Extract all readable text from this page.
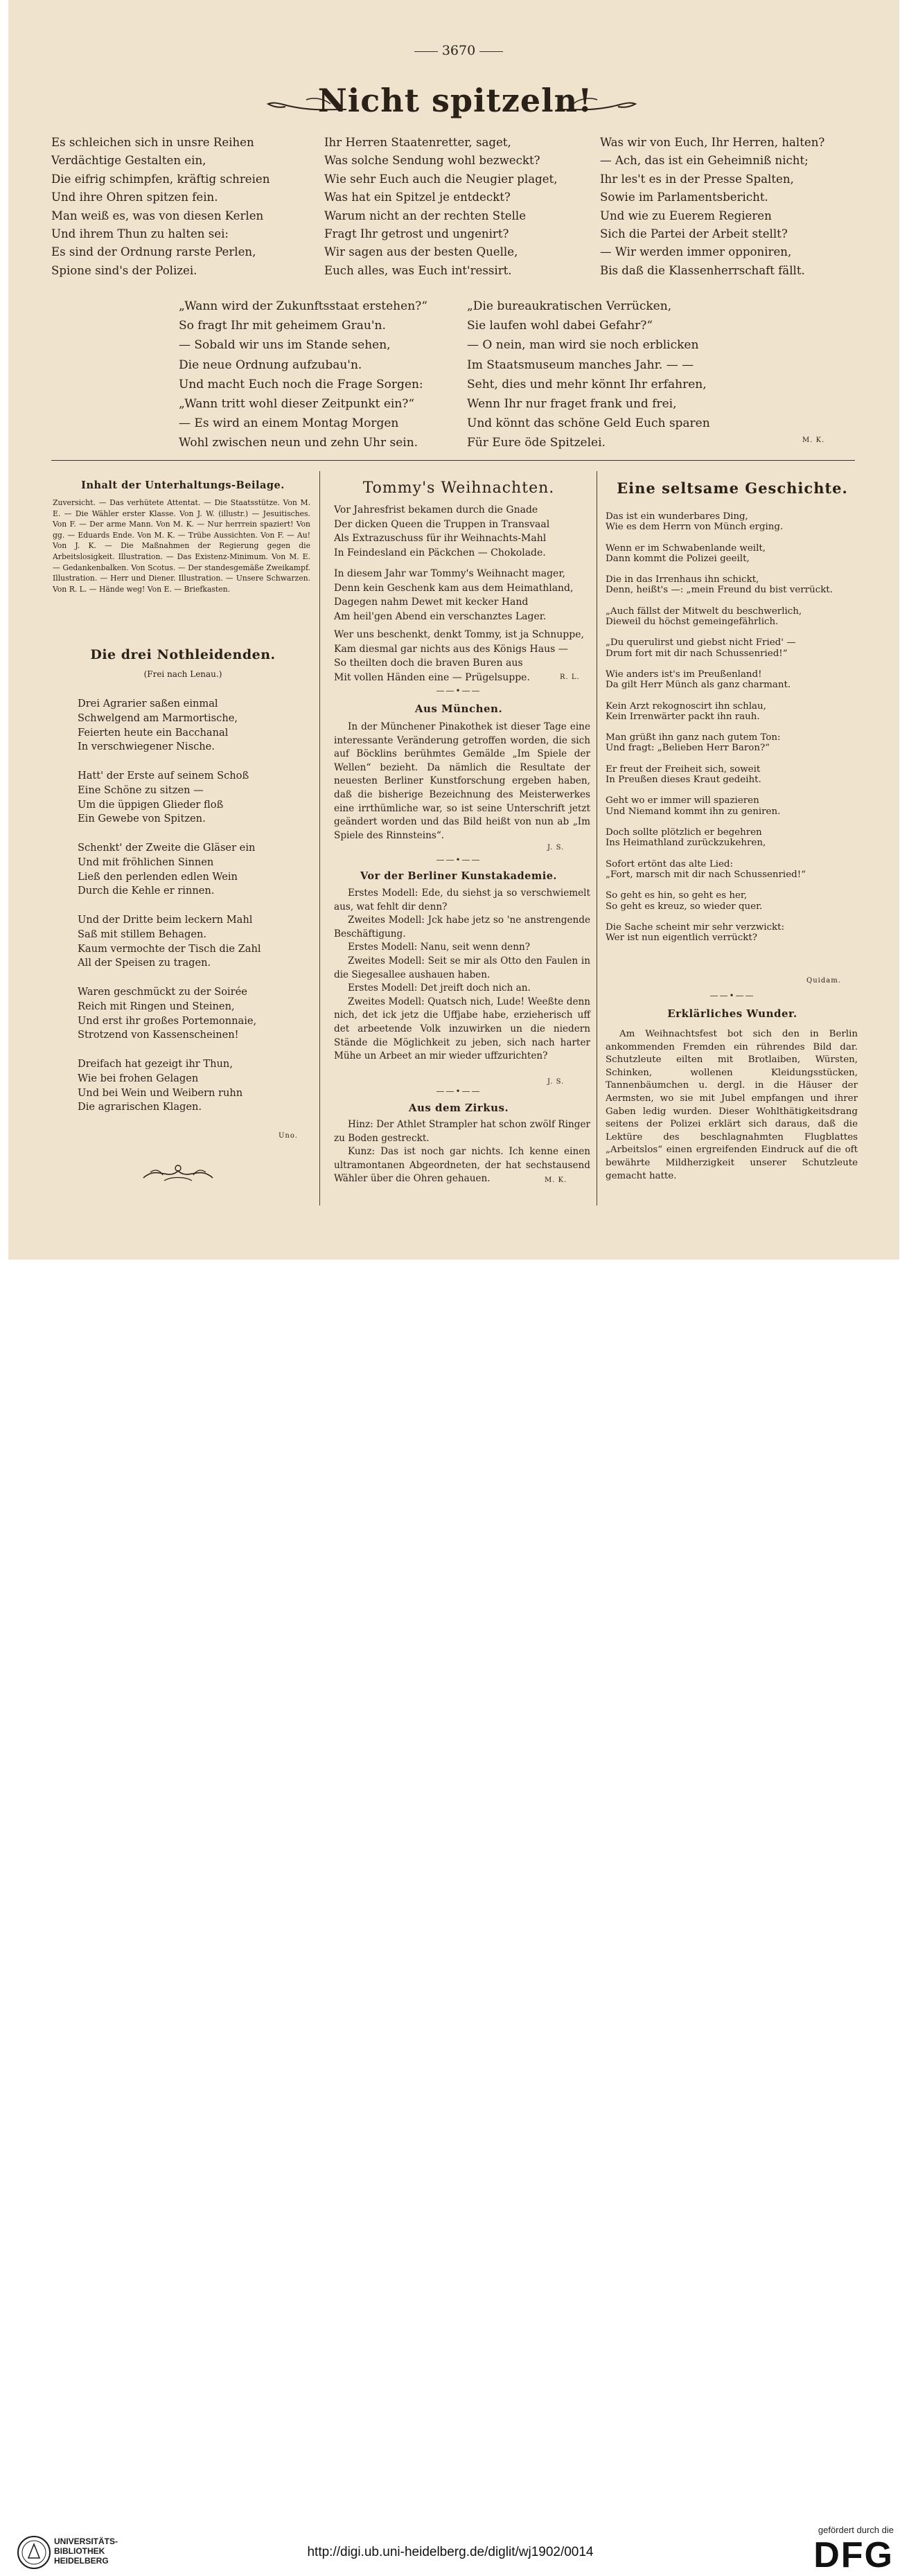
3670
Nicht spitzeln!
Es schleichen sich in unsre Reihen
Verdächtige Gestalten ein,
Die eifrig schimpfen, kräftig schreien
Und ihre Ohren spitzen fein.
Man weiß es, was von diesen Kerlen
Und ihrem Thun zu halten sei:
Es sind der Ordnung rarste Perlen,
Spione sind's der Polizei.
Ihr Herren Staatenretter, saget,
Was solche Sendung wohl bezweckt?
Wie sehr Euch auch die Neugier plaget,
Was hat ein Spitzel je entdeckt?
Warum nicht an der rechten Stelle
Fragt Ihr getrost und ungenirt?
Wir sagen aus der besten Quelle,
Euch alles, was Euch int'ressirt.
Was wir von Euch, Ihr Herren, halten?
— Ach, das ist ein Geheimniß nicht;
Ihr les't es in der Presse Spalten,
Sowie im Parlamentsbericht.
Und wie zu Euerem Regieren
Sich die Partei der Arbeit stellt?
— Wir werden immer opponiren,
Bis daß die Klassenherrschaft fällt.
„Wann wird der Zukunftsstaat erstehen?“
So fragt Ihr mit geheimem Grau'n.
— Sobald wir uns im Stande sehen,
Die neue Ordnung aufzubau'n.
Und macht Euch noch die Frage Sorgen:
„Wann tritt wohl dieser Zeitpunkt ein?“
— Es wird an einem Montag Morgen
Wohl zwischen neun und zehn Uhr sein.
„Die bureaukratischen Verrücken,
Sie laufen wohl dabei Gefahr?“
— O nein, man wird sie noch erblicken
Im Staatsmuseum manches Jahr. — —
Seht, dies und mehr könnt Ihr erfahren,
Wenn Ihr nur fraget frank und frei,
Und könnt das schöne Geld Euch sparen
Für Eure öde Spitzelei.	M. K.
Inhalt der Unterhaltungs-Beilage.
Zuversicht. — Das verhütete Attentat. — Die Staatsstütze. Von M. E. — Die Wähler erster Klasse. Von J. W. (illustr.) — Jesuitisches. Von F. — Der arme Mann. Von M. K. — Nur herrrein spaziert! Von gg. — Eduards Ende. Von M. K. — Trübe Aussichten. Von F. — Au! Von J. K. — Die Maßnahmen der Regierung gegen die Arbeitslosigkeit. Illustration. — Das Existenz-Minimum. Von M. E. — Gedankenbalken. Von Scotus. — Der standesgemäße Zweikampf. Illustration. — Herr und Diener. Illustration. — Unsere Schwarzen. Von R. L. — Hände weg! Von E. — Briefkasten.
Die drei Nothleidenden.
(Frei nach Lenau.)
Drei Agrarier saßen einmal
Schwelgend am Marmortische,
Feierten heute ein Bacchanal
In verschwiegener Nische.

Hatt' der Erste auf seinem Schoß
Eine Schöne zu sitzen —
Um die üppigen Glieder floß
Ein Gewebe von Spitzen.

Schenkt' der Zweite die Gläser ein
Und mit fröhlichen Sinnen
Ließ den perlenden edlen Wein
Durch die Kehle er rinnen.

Und der Dritte beim leckern Mahl
Saß mit stillem Behagen.
Kaum vermochte der Tisch die Zahl
All der Speisen zu tragen.

Waren geschmückt zu der Soirée
Reich mit Ringen und Steinen,
Und erst ihr großes Portemonnaie,
Strotzend von Kassenscheinen!

Dreifach hat gezeigt ihr Thun,
Wie bei frohen Gelagen
Und bei Wein und Weibern ruhn
Die agrarischen Klagen.
Uno.
Tommy's Weihnachten.
Vor Jahresfrist bekamen durch die Gnade
Der dicken Queen die Truppen in Transvaal
Als Extrazuschuss für ihr Weihnachts-Mahl
In Feindesland ein Päckchen — Chokolade.
In diesem Jahr war Tommy's Weihnacht mager,
Denn kein Geschenk kam aus dem Heimathland,
Dagegen nahm Dewet mit kecker Hand
Am heil'gen Abend ein verschanztes Lager.
Wer uns beschenkt, denkt Tommy, ist ja Schnuppe,
Kam diesmal gar nichts aus des Königs Haus —
So theilten doch die braven Buren aus
Mit vollen Händen eine — Prügelsuppe.	R. L.
——•——
Aus München.
In der Münchener Pinakothek ist dieser Tage eine interessante Veränderung getroffen worden, die sich auf Böcklins berühmtes Gemälde „Im Spiele der Wellen“ bezieht. Da nämlich die Resultate der neuesten Berliner Kunstforschung ergeben haben, daß die bisherige Bezeichnung des Meisterwerkes eine irrthümliche war, so ist seine Unterschrift jetzt geändert worden und das Bild heißt von nun ab „Im Spiele des Rinnsteins“.
J. S.
——•——
Vor der Berliner Kunstakademie.
Erstes Modell: Ede, du siehst ja so verschwiemelt aus, wat fehlt dir denn?
Zweites Modell: Jck habe jetz so 'ne anstrengende Beschäftigung.
Erstes Modell: Nanu, seit wenn denn?
Zweites Modell: Seit se mir als Otto den Faulen in die Siegesallee aushauen haben.
Erstes Modell: Det jreift doch nich an.
Zweites Modell: Quatsch nich, Lude! Weeßte denn nich, det ick jetz die Uffjabe habe, erzieherisch uff det arbeetende Volk inzuwirken un die niedern Stände die Möglichkeit zu jeben, sich nach harter Mühe un Arbeet an mir wieder uffzurichten?
J. S.
——•——
Aus dem Zirkus.
Hinz: Der Athlet Strampler hat schon zwölf Ringer zu Boden gestreckt.
Kunz: Das ist noch gar nichts. Ich kenne einen ultramontanen Abgeordneten, der hat sechstausend Wähler über die Ohren gehauen.	M. K.
Eine seltsame Geschichte.
Das ist ein wunderbares Ding,
Wie es dem Herrn von Münch erging.

Wenn er im Schwabenlande weilt,
Dann kommt die Polizei geeilt,

Die in das Irrenhaus ihn schickt,
Denn, heißt's —: „mein Freund du bist verrückt.

„Auch fällst der Mitwelt du beschwerlich,
Dieweil du höchst gemeingefährlich.

„Du querulirst und giebst nicht Fried' —
Drum fort mit dir nach Schussenried!“

Wie anders ist's im Preußenland!
Da gilt Herr Münch als ganz charmant.

Kein Arzt rekognoscirt ihn schlau,
Kein Irrenwärter packt ihn rauh.

Man grüßt ihn ganz nach gutem Ton:
Und fragt: „Belieben Herr Baron?“

Er freut der Freiheit sich, soweit
In Preußen dieses Kraut gedeiht.

Geht wo er immer will spazieren
Und Niemand kommt ihn zu geniren.

Doch sollte plötzlich er begehren
Ins Heimathland zurückzukehren,

Sofort ertönt das alte Lied:
„Fort, marsch mit dir nach Schussenried!“

So geht es hin, so geht es her,
So geht es kreuz, so wieder quer.

Die Sache scheint mir sehr verzwickt:
Wer ist nun eigentlich verrückt?
Quidam.
——•——
Erklärliches Wunder.
Am Weihnachtsfest bot sich den in Berlin ankommenden Fremden ein rührendes Bild dar. Schutzleute eilten mit Brotlaiben, Würsten, Schinken, wollenen Kleidungsstücken, Tannenbäumchen u. dergl. in die Häuser der Aermsten, wo sie mit Jubel empfangen und ihrer Gaben ledig wurden. Dieser Wohlthätigkeitsdrang seitens der Polizei erklärt sich daraus, daß die Lektüre des beschlagnahmten Flugblattes „Arbeitslos“ einen ergreifenden Eindruck auf die oft bewährte Mildherzigkeit unserer Schutzleute gemacht hatte.
UNIVERSITÄTS-
BIBLIOTHEK
HEIDELBERG
http://digi.ub.uni-heidelberg.de/diglit/wj1902/0014
gefördert durch die
DFG
